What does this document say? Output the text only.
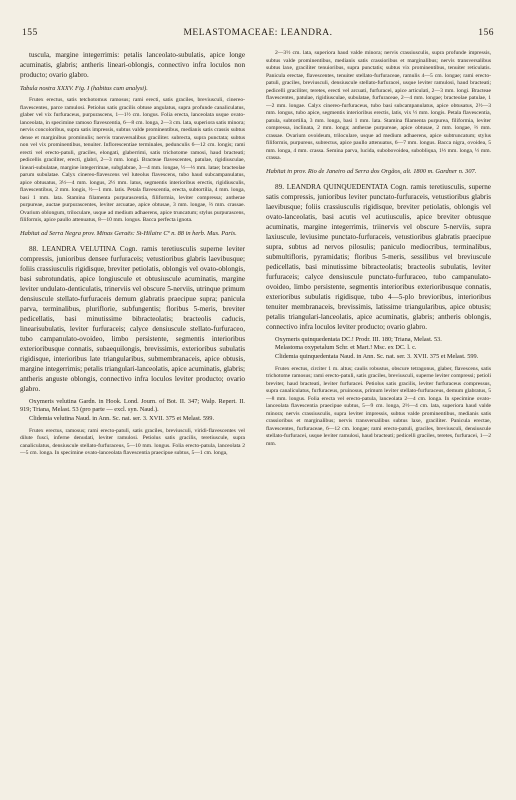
155	MELASTOMACEAE: LEANDRA.	156

tuscula, margine integerrimis: petalis lanceolato-subulatis, apice longe acuminatis, glabris; antheris lineari-oblongis, connectivo infra loculos non producto; ovario glabro.

Tabula nostra XXXV. Fig. I (habitus cum analysi).

Frutex erectus, satis tetchotomus ramosus; rami erecti, satis graciles, breviusculi, cinereo-flavescentes, parce ramulosi. Petiolus satis gracilis obtuse angulatus, supra profunde canaliculatus, glaber vel vix furfuraceus, purpurascens, 1—1½ cm. longus. Folia erecta, lanceolata usque ovato-lanceolata, in specimine ramoso flavescentia, 6—8 cm. longa, 2—3 cm. lata, superiora satis minora; nervis concoloribus, supra satis impressis, subtus valde prominentibus, medianis satis crassis subtus dense et marginibus prominulis; nervis transversalibus graciliter. subrecta, supra punctata; subtus non vel vix prominentibus, tenuiter. Inflorescentiae terminales, pedunculis 6—12 cm. longis; rami erecti vel erecto-patuli, graciles, elongati, glaberrimi, satis trichotome ramosi, haud bracteati; pedicellis graciliter, erecti, glabri, 2—3 mm. longi. Bracteae flavescentes, patulae, rigidiusculae, lineari-subulatae, margine integerrimae, subglabrae, 3—4 mm. longae, ½—⅓ mm. latae; bracteolae parum subulatae. Calyx cinereo-flavescens vel luteolus flavescens, tubo haud subcampanulatus, apice obtusatus, 3½—4 mm. longus, 2½ mm. latus, segmentis interioribus erectis, rigidiusculis, flavescentibus, 2 mm. longis, ½—1 mm. latis. Petala flavescentia, erecta, subtortilia, 4 mm. longa, basi 1 mm. lata. Stamina filamenta purpurascentia, filiformia, leviter compressa; antherae purpureae, auctae purpurascentes, leviter arcuatae, apice obtusae, 3 mm. longae, ⅔ mm. crassae. Ovarium oblongum, triloculare, usque ad medium adhaerens, apice truncatum; stylus purpurascens, filiformis, apice paullo attenuatus, 8—10 mm. longus. Bacca perfecta ignota.

Habitat ad Serra Negra prov. Minas Geraës: St-Hilaire Cº n. 88 in herb. Mus. Paris.

88. LEANDRA VELUTINA Cogn. ramis teretiusculis superne leviter compressis, junioribus densee furfuraceis; vetustioribus glabris laevibusque; foliis crassiusculis rigidisque, breviter petiolatis, oblongis vel ovato-oblongis, basi subrotundatis, apice longiuscule et obtusiuscule acuminatis, margine leviter undulato-denticulatis, trinerviis vel obscure 5-nerviis, utrinque primum densiuscule stellato-furfuraceis demum glabratis praecipue supra; panicula parva, terminalibus, pluriflorie, subfungentis; floribus 5-meris, breviter pedicellatis, basi minutissime bibracteolatis; bracteolis caducis, linearisubulatis, leviter furfuraceis; calyce densiuscule stellato-furfuraceo, tubo campanulato-ovoideo, limbo persistente, segmentis interioribus exterioribusque connatis, subaequilongis, brevissimis, exterioribus subulatis rigidisque, interioribus late triangularibus, submembranaceis, apice obtusis, margine integerrimis; petalis triangulari-lanceolatis, apice acuminatis, glabris; antheris anguste oblongis, connectivo infra loculos leviter producto; ovario glabro.

Oxymeris velutina Gardn. in Hook. Lond. Journ. of Bot. II. 347; Walp. Repert. II. 919; Triana, Melast. 53 (pro parte — excl. syn. Naud.).

Clidemia velutina Naud. in Ann. Sc. nat. ser. 3. XVII. 375 et Melast. 599.

Frutex erectus, ramosus; rami erecto-patuli, satis graciles, breviusculi, viridi-flavescentes vel dilute fusci, inferne denudati, leviter ramulosi. Petiolus satis gracilis, teretiuscule, supra canaliculatus, densiuscule stellato-furfuraceus, 5—10 mm. longus. Folia erecto-patula, lanceolata 2—5 cm. longa. In specimine ovato-lanceolata flavescentia praecipue subtus, 5—1 cm. longa,

2—3½ cm. lata, superiora haud valde minora; nervis crassiusculis, supra profunde impressis, subtus valde prominentibus, medianis satis crassioribus et marginalibus; nervis transversalibus subtus laxe, graciliter tenuioribus, supra punctatis; subtus vix prominentibus, tenuiter reticulatis. Panicula erectae, flavescentes, tenuiter stellato-furfuraceae, ramulis 4—5 cm. longae; rami erecto-patuli, graciles, breviusculi, densiuscule stellato-furfuracei, usque leviter ramulosi, haud bracteati; pedicelli graciliter, teretes, erecti vel arcuati, furfuracei, apice articulati, 2—3 mm. longi. Bracteae flavescentes, patulae, rigidiusculae, subulatae, furfuraceae, 2—4 mm. longae; bracteolae patulae, 1—2 mm. longae. Calyx cinereo-furfuraceus, tubo basi subcampanulatus, apice obtusatus, 2½—3 mm. longus, tubo apice, segmentis interioribus erectis, latis, vix ½ mm. longis. Petala flavescentia, patula, subtortilia, 3 mm. longa, basi 1 mm. lata. Stamina filamenta purpurea, filiformia, leviter compressa, inclinata, 2 mm. longa; antherae purpureae, apice obtusae, 2 mm. longae, ⅔ mm. crassae. Ovarium ovoideum, triloculare, usque ad medium adhaerens, apice subtruncatum; stylus filiformis, purpureus, subrectus, apice paullo attenuatus, 6—7 mm. longus. Bacca nigra, ovoidea, 5 mm. longa, 4 mm. crassa. Semina parva, lucida, subobovoidea, subobliqua, 1⅓ mm. longa, ½ mm. crassa.

Habitat in prov. Rio de Janeiro ad Serra dos Orgãos, alt. 1800 m. Gardner n. 307.

89. LEANDRA QUINQUEDENTATA Cogn. ramis teretiusculis, superne satis compressis, junioribus leviter punctato-furfuraceis, vetustioribus glabris laevibusque; foliis crassiusculis rigidisque, breviter petiolatis, oblongis vel ovato-lanceolatis, basi acutis vel acutiusculis, apice breviter obtusque acuminatis, margine integerrimis, triinervis vel obscure 5-nerviis, supra laxiuscule, leviusime punctato-furfuraceis, vetustioribus glabratis praecipue supra, subtus ad nervos pilosulis; paniculo mediocribus, terminalibus, submultifloris, pyramidatis; floribus 5-meris, sessilibus vel breviuscule pedicellatis, basi minutissime bibracteolatis; bracteolis subulatis, leviter furfuraceis; calyce densiuscule punctato-furfuraceo, tubo campanulato-ovoideo, limbo persistente, segmentis interioribus exterioribusque connatis, exterioribus subulatis rigidisque, tubo 4—5-plo brevioribus, interioribus tenuiter membranaceis, brevissimis, latissime triangularibus, apice obtusis; petalis triangulari-lanceolatis, apice acuminatis, glabris; antheris oblongis, connectivo infra loculos leviter producto; ovario glabro.

Oxymeris quinquedentata DC.! Prodr. III. 180; Triana, Melast. 53.

Melastoma oxypetalum Schr. et Mart.! Msc. ex DC. l. c.

Clidemia quinquedentata Naud. in Ann. Sc. nat. ser. 3. XVII. 375 et Melast. 599.

Frutex erectus, circiter 1 m. altus; caulis robustus, obscure tetragonus, glaber, flavescens, satis trichotome ramosus; rami erecto-patuli, satis graciles, breviusculi, superne leviter compressi; petioli breviter, haud bracteati, leviter furfuracei. Petiolus satis gracilis, leviter furfuraceus compressus, supra canaliculatus, furfuraceus, pruinosus, primum leviter stellato-furfuraceus, demum glabratus, 5—8 mm. longus. Folia erecta vel erecto-patula, lanceolata 2—4 cm. longa. In specimine ovato-lanceolata flavescentia praecipue subtus, 5—9 cm. longa, 2½—4 cm. lata, superiora haud valde minora; nervis crassiusculis, supra leviter impressis, subtus valde prominentibus, medianis satis crassioribus et marginalibus; nervis transversalibus subtus laxe, graciliter. Panicula erectae, flavescentes, furfuraceae, 6—12 cm. longae; rami erecto-patuli, graciles, breviusculi, densiuscule stellato-furfuracei, usque leviter ramulosi, haud bracteati; pedicelli graciles, teretes, furfuracei, 1—2 mm.
